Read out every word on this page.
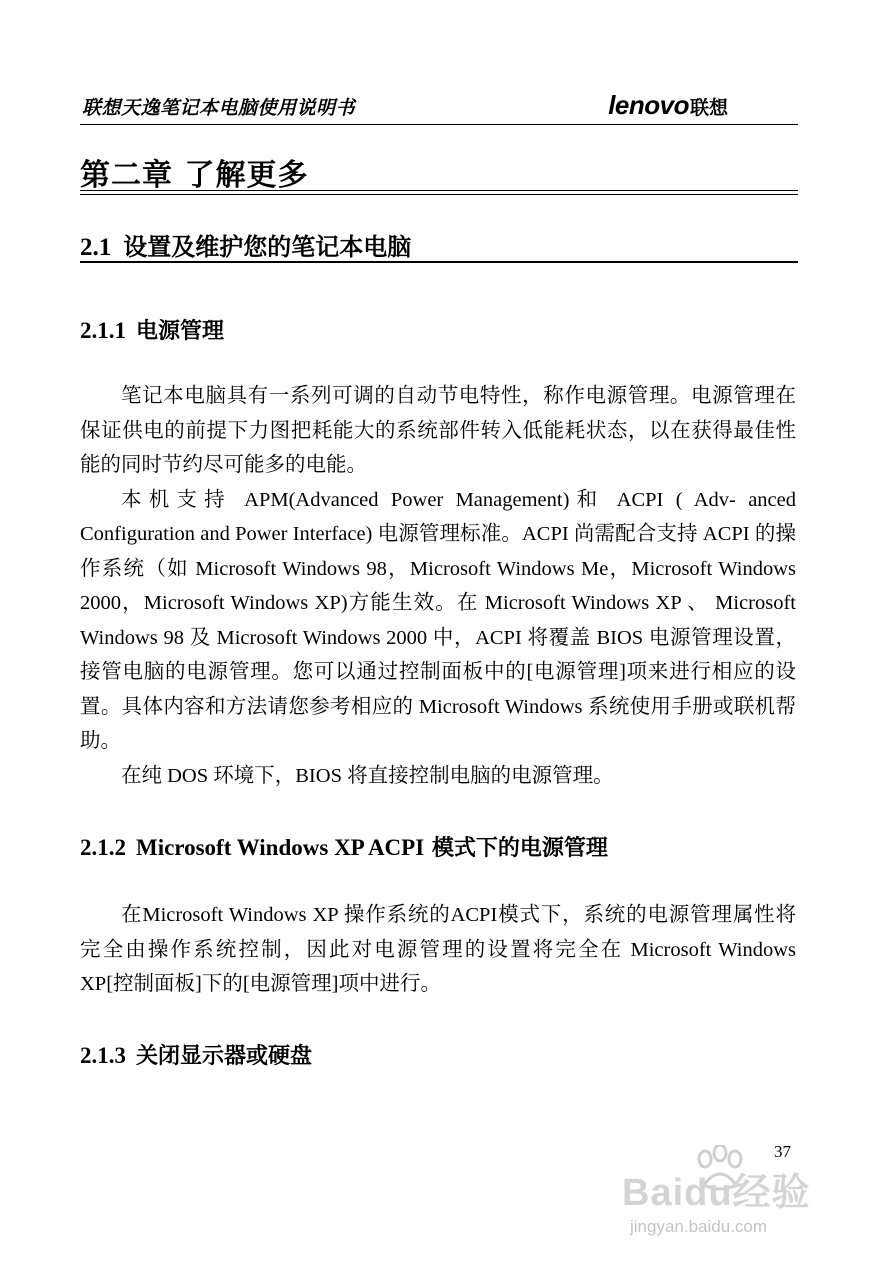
联想天逸笔记本电脑使用说明书	lenovo联想
第二章 了解更多
2.1 设置及维护您的笔记本电脑
2.1.1 电源管理

笔记本电脑具有一系列可调的自动节电特性，称作电源管理。电源管理在保证供电的前提下力图把耗能大的系统部件转入低能耗状态，以在获得最佳性能的同时节约尽可能多的电能。

本机支持 APM(Advanced Power Management)和 ACPI ( Adv- anced Configuration and Power Interface) 电源管理标准。ACPI 尚需配合支持 ACPI 的操作系统（如 Microsoft Windows 98，Microsoft Windows Me，Microsoft Windows 2000，Microsoft Windows XP)方能生效。在 Microsoft Windows XP 、 Microsoft Windows 98 及 Microsoft Windows 2000 中，ACPI 将覆盖 BIOS 电源管理设置，接管电脑的电源管理。您可以通过控制面板中的[电源管理]项来进行相应的设置。具体内容和方法请您参考相应的 Microsoft Windows 系统使用手册或联机帮助。

在纯 DOS 环境下，BIOS 将直接控制电脑的电源管理。

2.1.2 Microsoft Windows XP ACPI 模式下的电源管理

在Microsoft Windows XP 操作系统的ACPI模式下，系统的电源管理属性将完全由操作系统控制，因此对电源管理的设置将完全在 Microsoft Windows XP[控制面板]下的[电源管理]项中进行。

2.1.3 关闭显示器或硬盘
37
Baidu经验
jingyan.baidu.com
